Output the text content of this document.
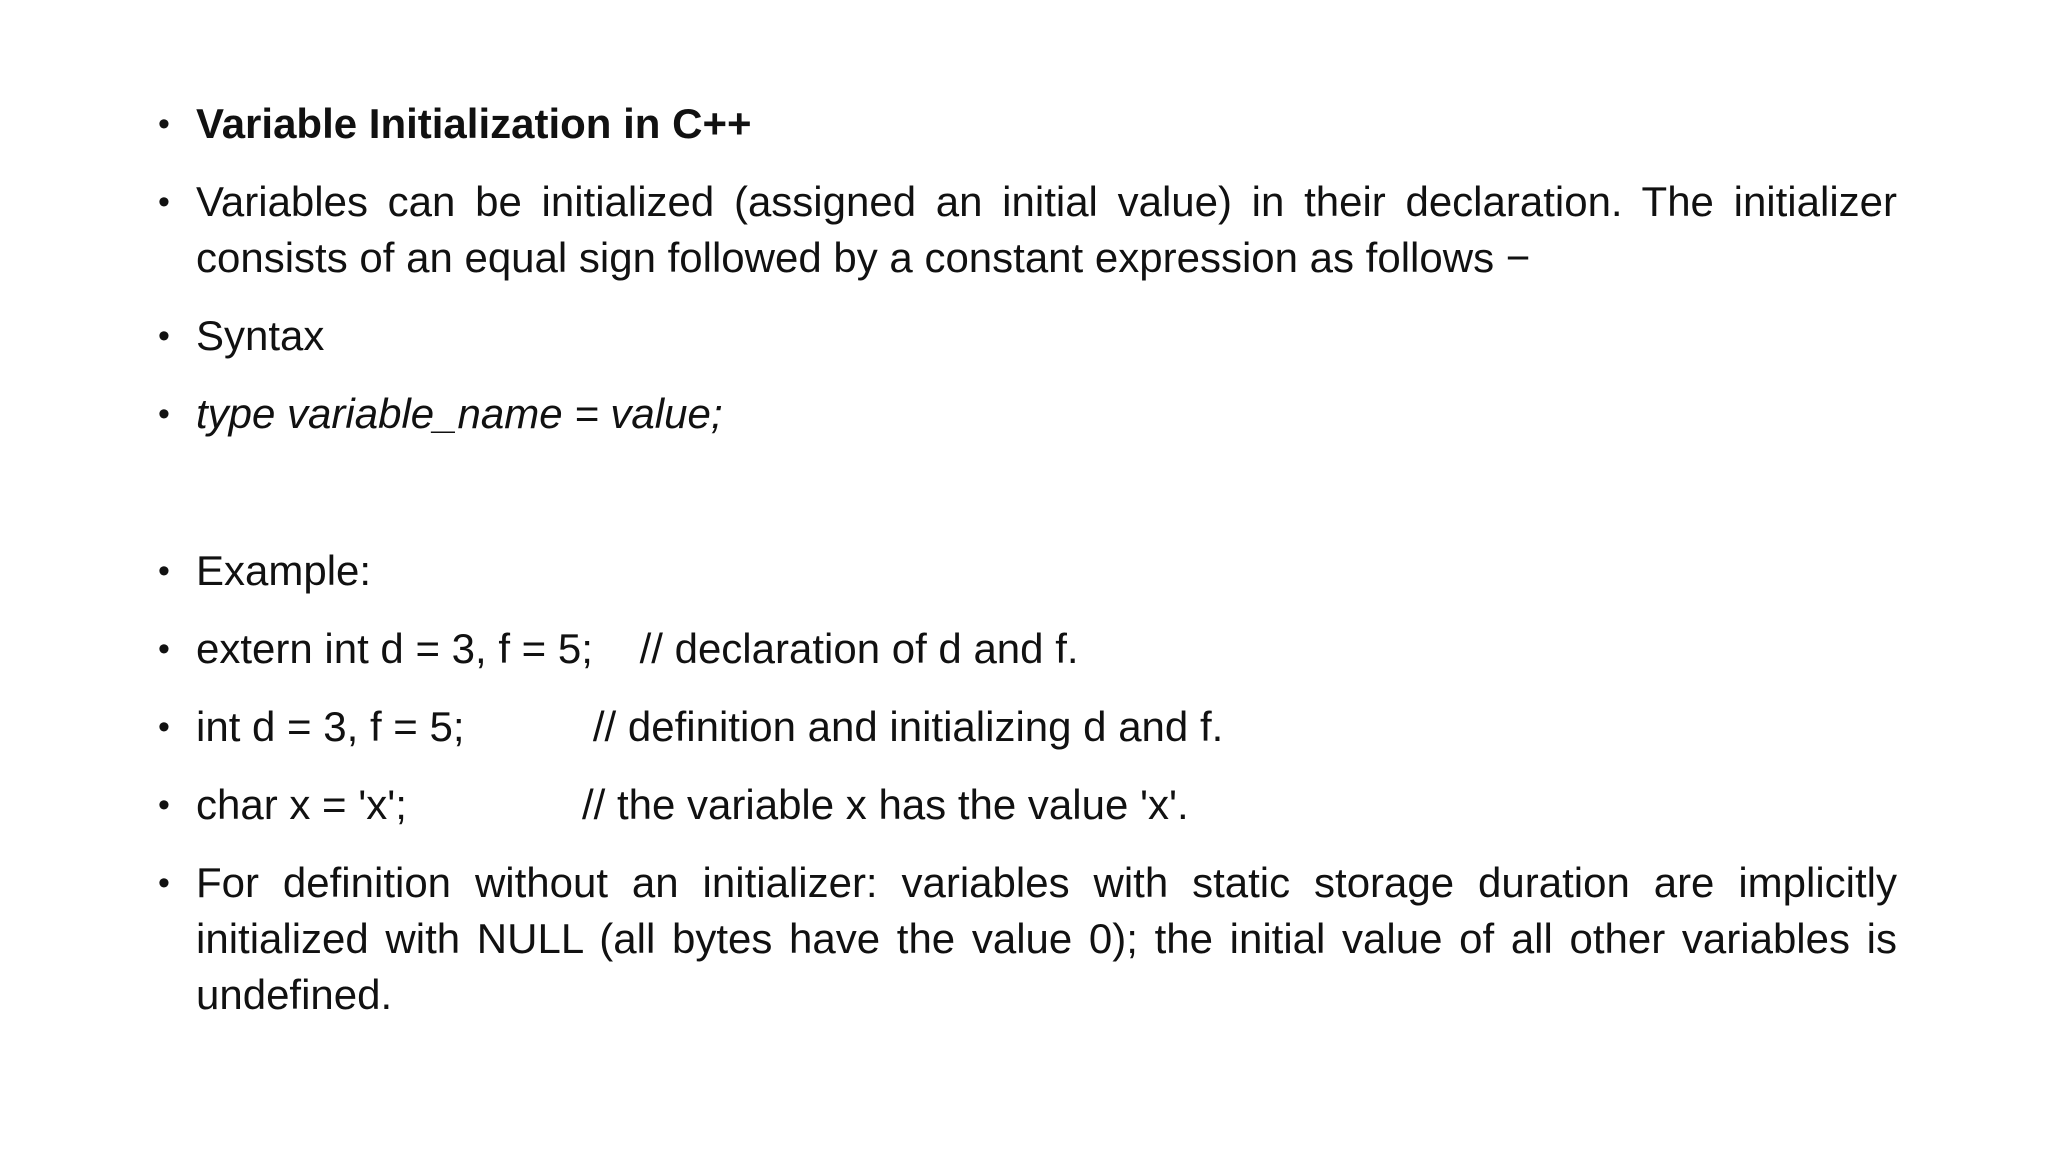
• Variable Initialization in C++
• Variables can be initialized (assigned an initial value) in their declaration. The initializer consists of an equal sign followed by a constant expression as follows −
• Syntax
• type variable_name = value;
• Example:
• extern int d = 3, f = 5;    // declaration of d and f.
• int d = 3, f = 5;           // definition and initializing d and f.
• char x = 'x';               // the variable x has the value 'x'.
• For definition without an initializer: variables with static storage duration are implicitly initialized with NULL (all bytes have the value 0); the initial value of all other variables is undefined.
